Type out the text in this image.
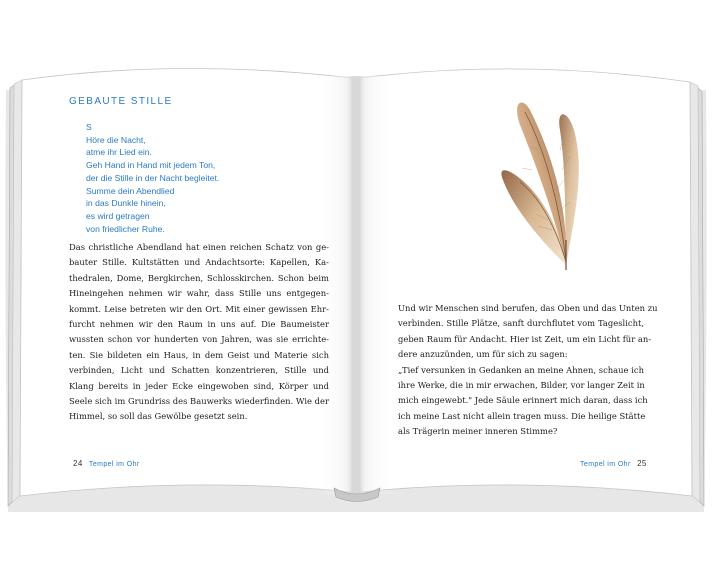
GEBAUTE STILLE
S
Höre die Nacht,
atme ihr Lied ein.
Geh Hand in Hand mit jedem Ton,
der die Stille in der Nacht begleitet.
Summe dein Abendlied
in das Dunkle hinein,
es wird getragen
von friedlicher Ruhe.
Das christliche Abendland hat einen reichen Schatz von ge-
bauter Stille. Kultstätten und Andachtsorte: Kapellen, Ka-
thedralen, Dome, Bergkirchen, Schlosskirchen. Schon beim
Hineingehen nehmen wir wahr, dass Stille uns entgegen-
kommt. Leise betreten wir den Ort. Mit einer gewissen Ehr-
furcht nehmen wir den Raum in uns auf. Die Baumeister
wussten schon vor hunderten von Jahren, was sie errichte-
ten. Sie bildeten ein Haus, in dem Geist und Materie sich
verbinden, Licht und Schatten konzentrieren, Stille und
Klang bereits in jeder Ecke eingewoben sind, Körper und
Seele sich im Grundriss des Bauwerks wiederfinden. Wie der
Himmel, so soll das Gewölbe gesetzt sein.
Und wir Menschen sind berufen, das Oben und das Unten zu
verbinden. Stille Plätze, sanft durchflutet vom Tageslicht,
geben Raum für Andacht. Hier ist Zeit, um ein Licht für an-
dere anzuzünden, um für sich zu sagen:
„Tief versunken in Gedanken an meine Ahnen, schaue ich
ihre Werke, die in mir erwachen, Bilder, vor langer Zeit in
mich eingewebt." Jede Säule erinnert mich daran, dass ich
ich meine Last nicht allein tragen muss. Die heilige Stätte
als Trägerin meiner inneren Stimme?
24 Tempel im Ohr	Tempel im Ohr 25
